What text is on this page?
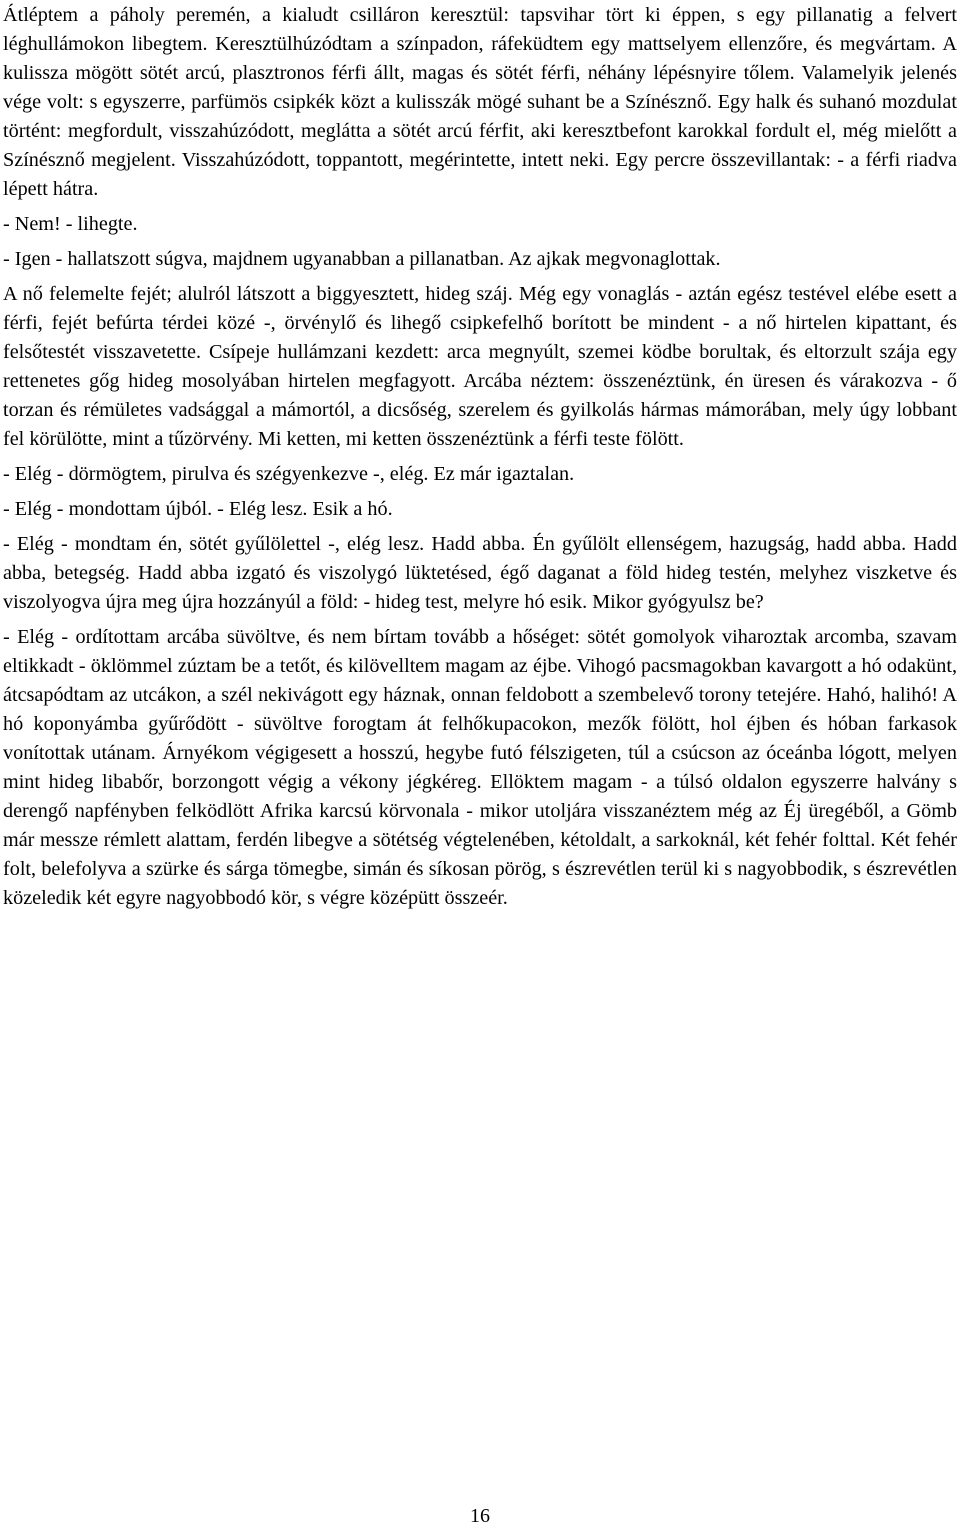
Átléptem a páholy peremén, a kialudt csilláron keresztül: tapsvihar tört ki éppen, s egy pillanatig a felvert léghullámokon libegtem. Keresztülhúzódtam a színpadon, ráfeküdtem egy mattselyem ellenzőre, és megvártam. A kulissza mögött sötét arcú, plasztronos férfi állt, magas és sötét férfi, néhány lépésnyire tőlem. Valamelyik jelenés vége volt: s egyszerre, parfümös csipkék közt a kulisszák mögé suhant be a Színésznő. Egy halk és suhanó mozdulat történt: megfordult, visszahúzódott, meglátta a sötét arcú férfit, aki keresztbefont karokkal fordult el, még mielőtt a Színésznő megjelent. Visszahúzódott, toppantott, megérintette, intett neki. Egy percre összevillantak: - a férfi riadva lépett hátra.

- Nem! - lihegte.

- Igen - hallatszott súgva, majdnem ugyanabban a pillanatban. Az ajkak megvonaglottak.

A nő felemelte fejét; alulról látszott a biggyesztett, hideg száj. Még egy vonaglás - aztán egész testével elébe esett a férfi, fejét befúrta térdei közé -, örvénylő és lihegő csipkefelhő borított be mindent - a nő hirtelen kipattant, és felsőtestét visszavetette. Csípeje hullámzani kezdett: arca megnyúlt, szemei ködbe borultak, és eltorzult szája egy rettenetes gőg hideg mosolyában hirtelen megfagyott. Arcába néztem: összenéztünk, én üresen és várakozva - ő torzan és rémületes vadsággal a mámortól, a dicsőség, szerelem és gyilkolás hármas mámorában, mely úgy lobbant fel körülötte, mint a tűzörvény. Mi ketten, mi ketten összenéztünk a férfi teste fölött.

- Elég - dörmögtem, pirulva és szégyenkezve -, elég. Ez már igaztalan.

- Elég - mondottam újból. - Elég lesz. Esik a hó.

- Elég - mondtam én, sötét gyűlölettel -, elég lesz. Hadd abba. Én gyűlölt ellenségem, hazugság, hadd abba. Hadd abba, betegség. Hadd abba izgató és viszolygó lüktetésed, égő daganat a föld hideg testén, melyhez viszketve és viszolyogva újra meg újra hozzányúl a föld: - hideg test, melyre hó esik. Mikor gyógyulsz be?

- Elég - ordítottam arcába süvöltve, és nem bírtam tovább a hőséget: sötét gomolyok viharoztak arcomba, szavam eltikkadt - öklömmel zúztam be a tetőt, és kilövelltem magam az éjbe. Vihogó pacsmagokban kavargott a hó odakünt, átcsapódtam az utcákon, a szél nekivágott egy háznak, onnan feldobott a szembelevő torony tetejére. Hahó, halihó! A hó koponyámba gyűrődött - süvöltve forogtam át felhőkupacokon, mezők fölött, hol éjben és hóban farkasok vonítottak utánam. Árnyékom végigesett a hosszú, hegybe futó félszigeten, túl a csúcson az óceánba lógott, melyen mint hideg libabőr, borzongott végig a vékony jégkéreg. Ellöktem magam - a túlsó oldalon egyszerre halvány s derengő napfényben felködlött Afrika karcsú körvonala - mikor utoljára visszanéztem még az Éj üregéből, a Gömb már messze rémlett alattam, ferdén libegve a sötétség végtelenében, kétoldalt, a sarkoknál, két fehér folttal. Két fehér folt, belefolyva a szürke és sárga tömegbe, simán és síkosan pörög, s észrevétlen terül ki s nagyobbodik, s észrevétlen közeledik két egyre nagyobbodó kör, s végre középütt összeér.

16
